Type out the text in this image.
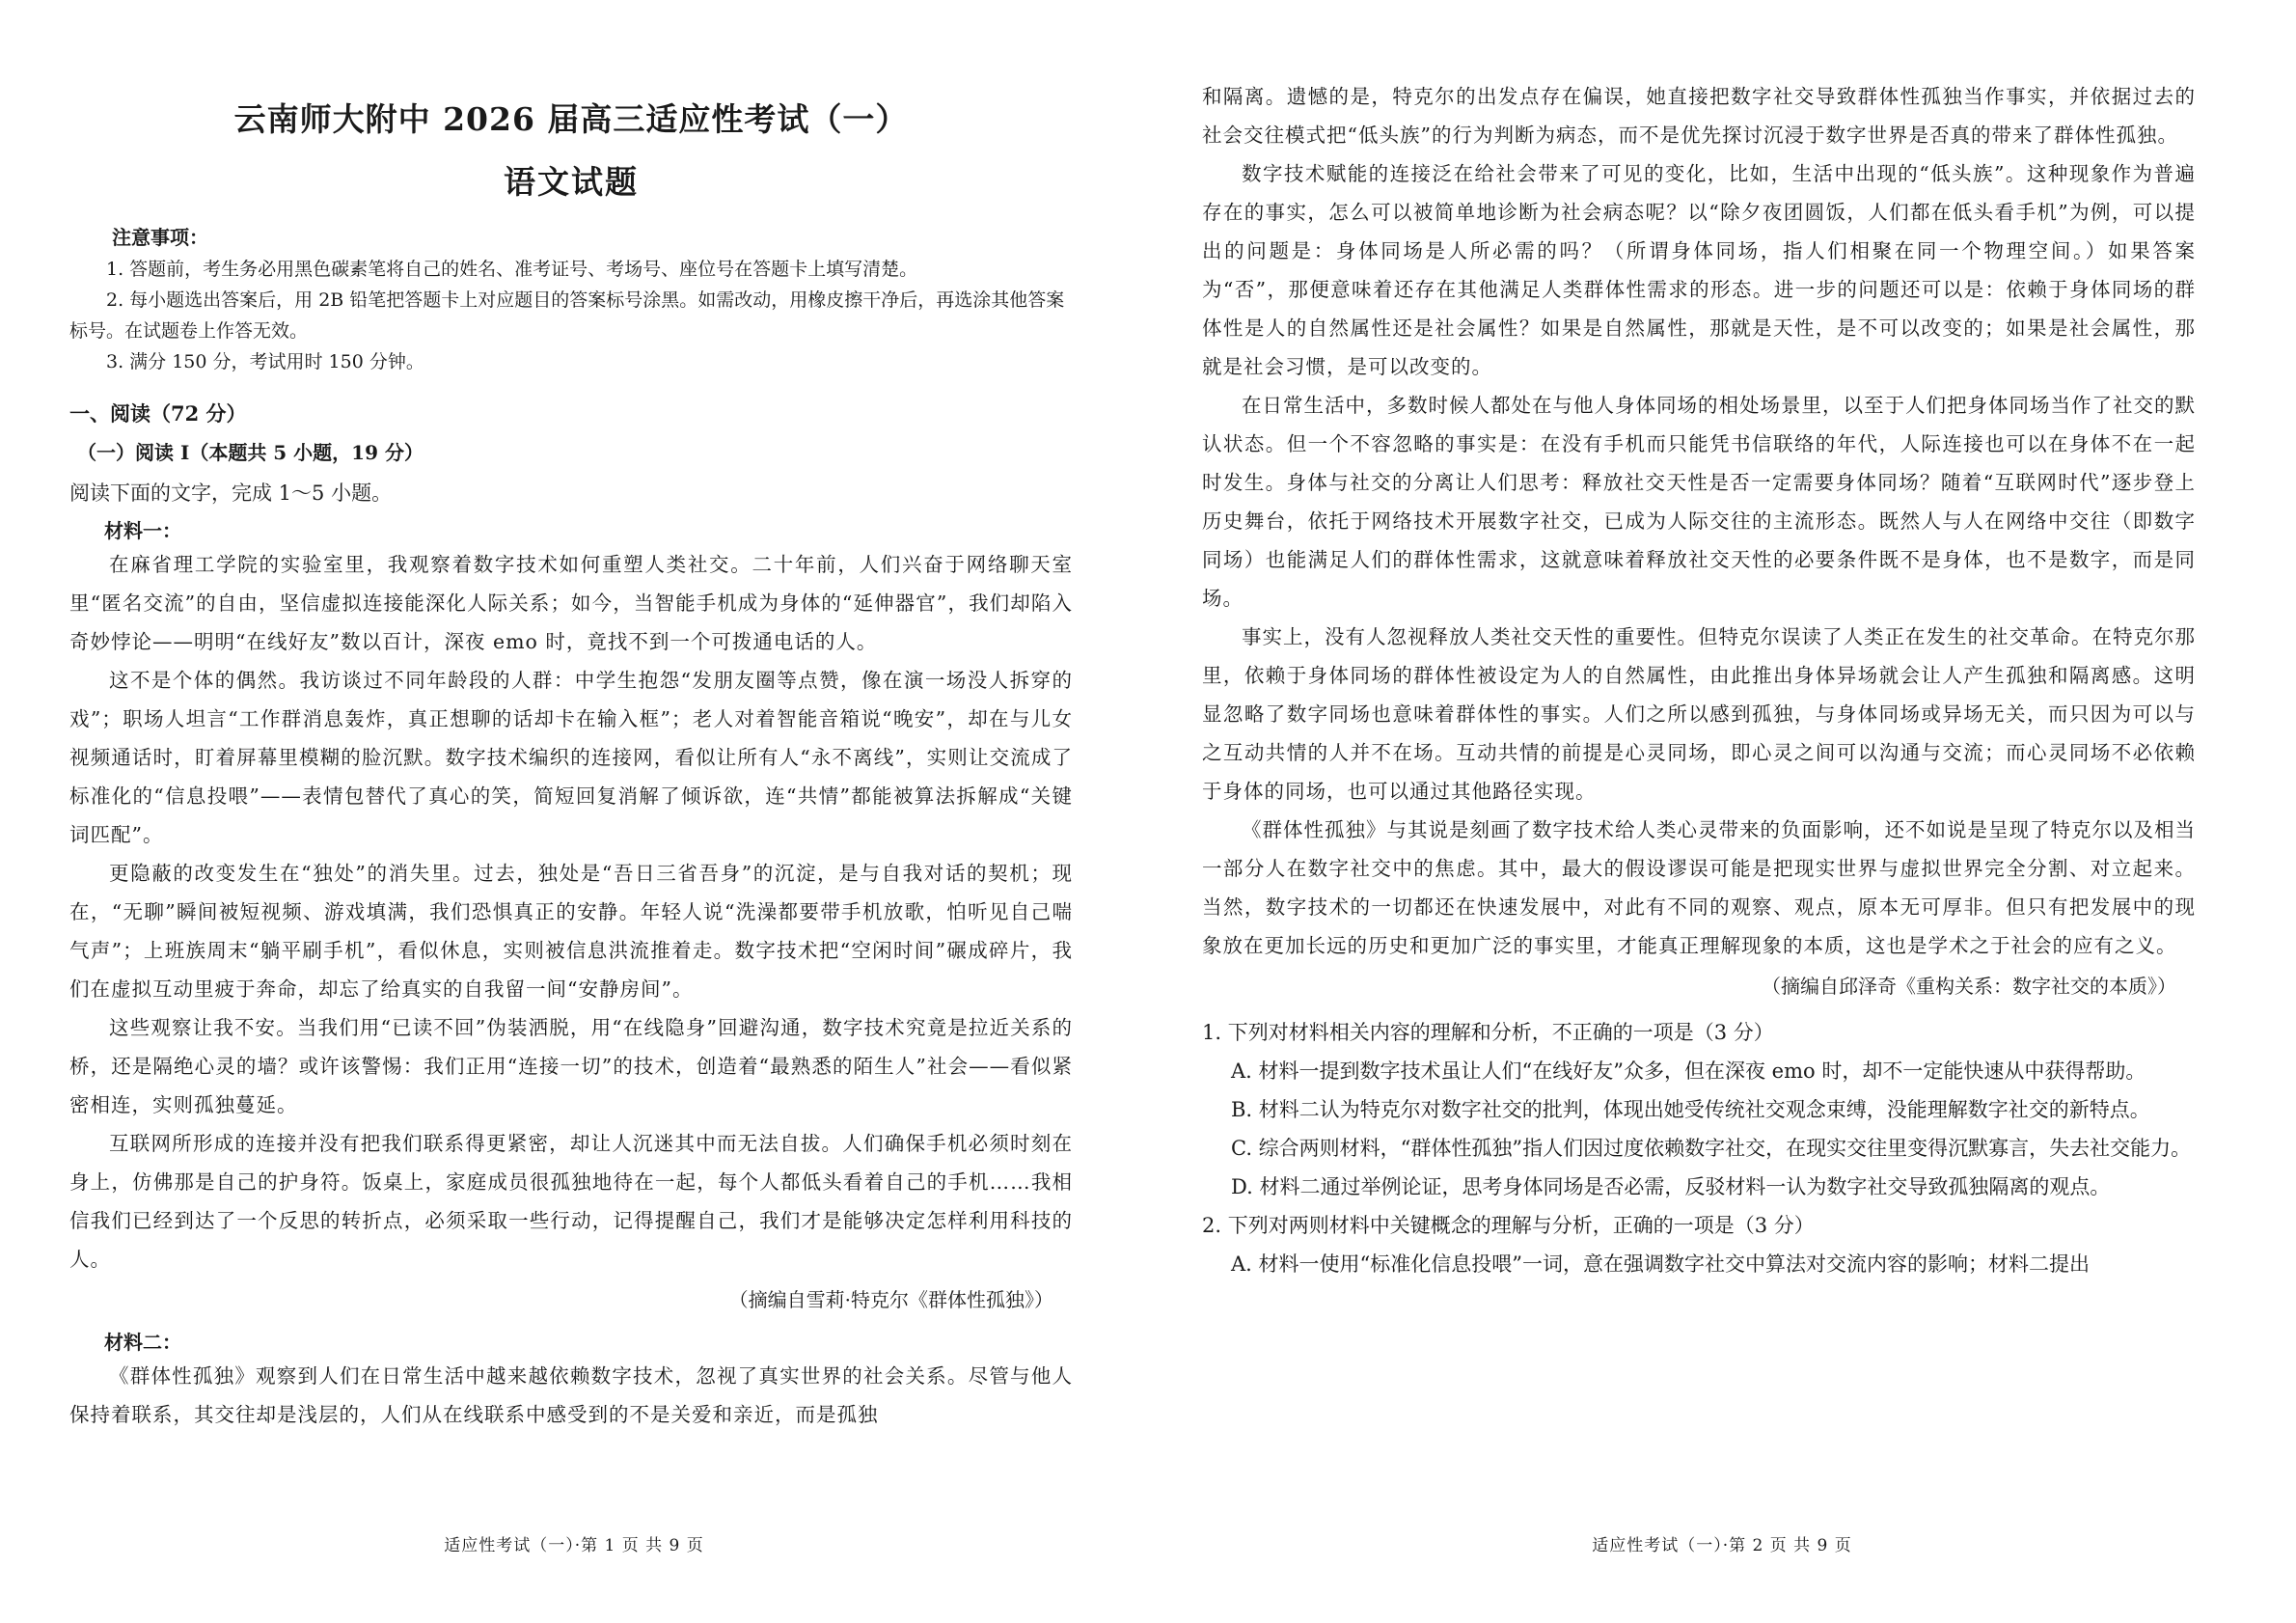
云南师大附中 2026 届高三适应性考试（一）
语文试题
注意事项：

1. 答题前，考生务必用黑色碳素笔将自己的姓名、准考证号、考场号、座位号在答题卡上填写清楚。

2. 每小题选出答案后，用 2B 铅笔把答题卡上对应题目的答案标号涂黑。如需改动，用橡皮擦干净后，再选涂其他答案标号。在试题卷上作答无效。

3. 满分 150 分，考试用时 150 分钟。

一、阅读（72 分）
（一）阅读 I（本题共 5 小题，19 分）

阅读下面的文字，完成 1～5 小题。

材料一：

在麻省理工学院的实验室里，我观察着数字技术如何重塑人类社交。二十年前，人们兴奋于网络聊天室里“匿名交流”的自由，坚信虚拟连接能深化人际关系；如今，当智能手机成为身体的“延伸器官”，我们却陷入奇妙悖论——明明“在线好友”数以百计，深夜 emo 时，竟找不到一个可拨通电话的人。

这不是个体的偶然。我访谈过不同年龄段的人群：中学生抱怨“发朋友圈等点赞，像在演一场没人拆穿的戏”；职场人坦言“工作群消息轰炸，真正想聊的话却卡在输入框”；老人对着智能音箱说“晚安”，却在与儿女视频通话时，盯着屏幕里模糊的脸沉默。数字技术编织的连接网，看似让所有人“永不离线”，实则让交流成了标准化的“信息投喂”——表情包替代了真心的笑，简短回复消解了倾诉欲，连“共情”都能被算法拆解成“关键词匹配”。

更隐蔽的改变发生在“独处”的消失里。过去，独处是“吾日三省吾身”的沉淀，是与自我对话的契机；现在，“无聊”瞬间被短视频、游戏填满，我们恐惧真正的安静。年轻人说“洗澡都要带手机放歌，怕听见自己喘气声”；上班族周末“躺平刷手机”，看似休息，实则被信息洪流推着走。数字技术把“空闲时间”碾成碎片，我们在虚拟互动里疲于奔命，却忘了给真实的自我留一间“安静房间”。

这些观察让我不安。当我们用“已读不回”伪装洒脱，用“在线隐身”回避沟通，数字技术究竟是拉近关系的桥，还是隔绝心灵的墙？或许该警惕：我们正用“连接一切”的技术，创造着“最熟悉的陌生人”社会——看似紧密相连，实则孤独蔓延。

互联网所形成的连接并没有把我们联系得更紧密，却让人沉迷其中而无法自拔。人们确保手机必须时刻在身上，仿佛那是自己的护身符。饭桌上，家庭成员很孤独地待在一起，每个人都低头看着自己的手机……我相信我们已经到达了一个反思的转折点，必须采取一些行动，记得提醒自己，我们才是能够决定怎样利用科技的人。

（摘编自雪莉·特克尔《群体性孤独》）
材料二：

《群体性孤独》观察到人们在日常生活中越来越依赖数字技术，忽视了真实世界的社会关系。尽管与他人保持着联系，其交往却是浅层的，人们从在线联系中感受到的不是关爱和亲近，而是孤独

适应性考试（一）·第 1 页 共 9 页

和隔离。遗憾的是，特克尔的出发点存在偏误，她直接把数字社交导致群体性孤独当作事实，并依据过去的社会交往模式把“低头族”的行为判断为病态，而不是优先探讨沉浸于数字世界是否真的带来了群体性孤独。

数字技术赋能的连接泛在给社会带来了可见的变化，比如，生活中出现的“低头族”。这种现象作为普遍存在的事实，怎么可以被简单地诊断为社会病态呢？以“除夕夜团圆饭，人们都在低头看手机”为例，可以提出的问题是：身体同场是人所必需的吗？（所谓身体同场，指人们相聚在同一个物理空间。）如果答案为“否”，那便意味着还存在其他满足人类群体性需求的形态。进一步的问题还可以是：依赖于身体同场的群体性是人的自然属性还是社会属性？如果是自然属性，那就是天性，是不可以改变的；如果是社会属性，那就是社会习惯，是可以改变的。

在日常生活中，多数时候人都处在与他人身体同场的相处场景里，以至于人们把身体同场当作了社交的默认状态。但一个不容忽略的事实是：在没有手机而只能凭书信联络的年代，人际连接也可以在身体不在一起时发生。身体与社交的分离让人们思考：释放社交天性是否一定需要身体同场？随着“互联网时代”逐步登上历史舞台，依托于网络技术开展数字社交，已成为人际交往的主流形态。既然人与人在网络中交往（即数字同场）也能满足人们的群体性需求，这就意味着释放社交天性的必要条件既不是身体，也不是数字，而是同场。

事实上，没有人忽视释放人类社交天性的重要性。但特克尔误读了人类正在发生的社交革命。在特克尔那里，依赖于身体同场的群体性被设定为人的自然属性，由此推出身体异场就会让人产生孤独和隔离感。这明显忽略了数字同场也意味着群体性的事实。人们之所以感到孤独，与身体同场或异场无关，而只因为可以与之互动共情的人并不在场。互动共情的前提是心灵同场，即心灵之间可以沟通与交流；而心灵同场不必依赖于身体的同场，也可以通过其他路径实现。

《群体性孤独》与其说是刻画了数字技术给人类心灵带来的负面影响，还不如说是呈现了特克尔以及相当一部分人在数字社交中的焦虑。其中，最大的假设谬误可能是把现实世界与虚拟世界完全分割、对立起来。当然，数字技术的一切都还在快速发展中，对此有不同的观察、观点，原本无可厚非。但只有把发展中的现象放在更加长远的历史和更加广泛的事实里，才能真正理解现象的本质，这也是学术之于社会的应有之义。

（摘编自邱泽奇《重构关系：数字社交的本质》）

1. 下列对材料相关内容的理解和分析，不正确的一项是（3 分）

A. 材料一提到数字技术虽让人们“在线好友”众多，但在深夜 emo 时，却不一定能快速从中获得帮助。

B. 材料二认为特克尔对数字社交的批判，体现出她受传统社交观念束缚，没能理解数字社交的新特点。

C. 综合两则材料，“群体性孤独”指人们因过度依赖数字社交，在现实交往里变得沉默寡言，失去社交能力。

D. 材料二通过举例论证，思考身体同场是否必需，反驳材料一认为数字社交导致孤独隔离的观点。

2. 下列对两则材料中关键概念的理解与分析，正确的一项是（3 分）

A. 材料一使用“标准化信息投喂”一词，意在强调数字社交中算法对交流内容的影响；材料二提出

适应性考试（一）·第 2 页 共 9 页
